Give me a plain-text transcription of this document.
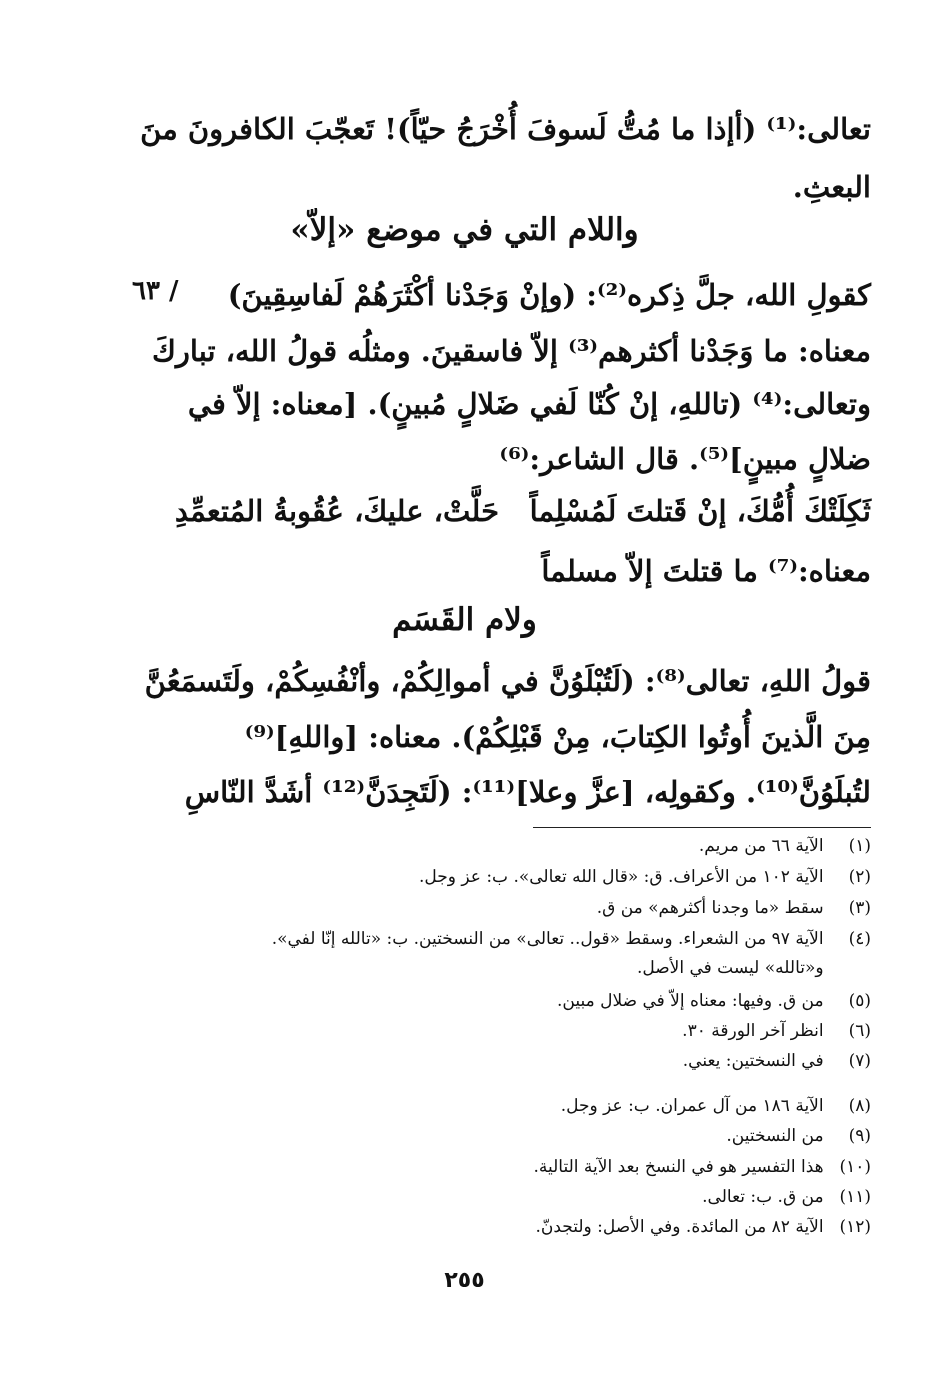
تعالى:⁽¹⁾ (أإذا ما مُتُّ لَسوفَ أُخْرَجُ حيّاً)! تَعجّبَ الكافرونَ منَ
البعثِ.
واللام التي في موضع «إلاّ»
/ ٦٣ كقولِ الله، جلَّ ذِكره⁽²⁾: (وإنْ وَجَدْنا أكْثَرَهُمْ لَفاسِقِينَ)
معناه: ما وَجَدْنا أكثرهم⁽³⁾ إلاّ فاسقينَ. ومثلُه قولُ الله، تباركَ
وتعالى:⁽⁴⁾ (تاللهِ، إنْ كُنّا لَفي ضَلالٍ مُبينٍ). [معناه: إلاّ في
ضلالٍ مبينٍ]⁽⁵⁾. قال الشاعر:⁽⁶⁾
ثَكِلَتْكَ أُمُّكَ، إنْ قَتلتَ لَمُسْلِماً
حَلَّتْ، عليكَ، عُقُوبةُ المُتعمِّدِ
معناه:⁽⁷⁾ ما قتلتَ إلاّ مسلماً
ولام القَسَم
قولُ اللهِ، تعالى⁽⁸⁾: (لَتُبْلَوُنَّ في أموالِكُمْ، وأنْفُسِكُمْ، ولَتَسمَعُنَّ
مِنَ الَّذينَ أُوتُوا الكِتابَ، مِنْ قَبْلِكُمْ). معناه: [واللهِ]⁽⁹⁾
لتُبلَوُنَّ⁽¹⁰⁾. وكقولِه، [عزَّ وعلا]⁽¹¹⁾: (لَتَجِدَنَّ⁽¹²⁾ أشَدَّ النّاسِ
(١) الآية ٦٦ من مريم.
(٢) الآية ١٠٢ من الأعراف. ق: «قال الله تعالى». ب: عز وجل.
(٣) سقط «ما وجدنا أكثرهم» من ق.
(٤) الآية ٩٧ من الشعراء. وسقط «قول.. تعالى» من النسختين. ب: «تالله إنّا لفي».
و«تالله» ليست في الأصل.
(٥) من ق. وفيها: معناه إلاّ في ضلال مبين.
(٦) انظر آخر الورقة ٣٠.
(٧) في النسختين: يعني.
(٨) الآية ١٨٦ من آل عمران. ب: عز وجل.
(٩) من النسختين.
(١٠) هذا التفسير هو في النسخ بعد الآية التالية.
(١١) من ق. ب: تعالى.
(١٢) الآية ٨٢ من المائدة. وفي الأصل: ولتجدنّ.
٢٥٥
